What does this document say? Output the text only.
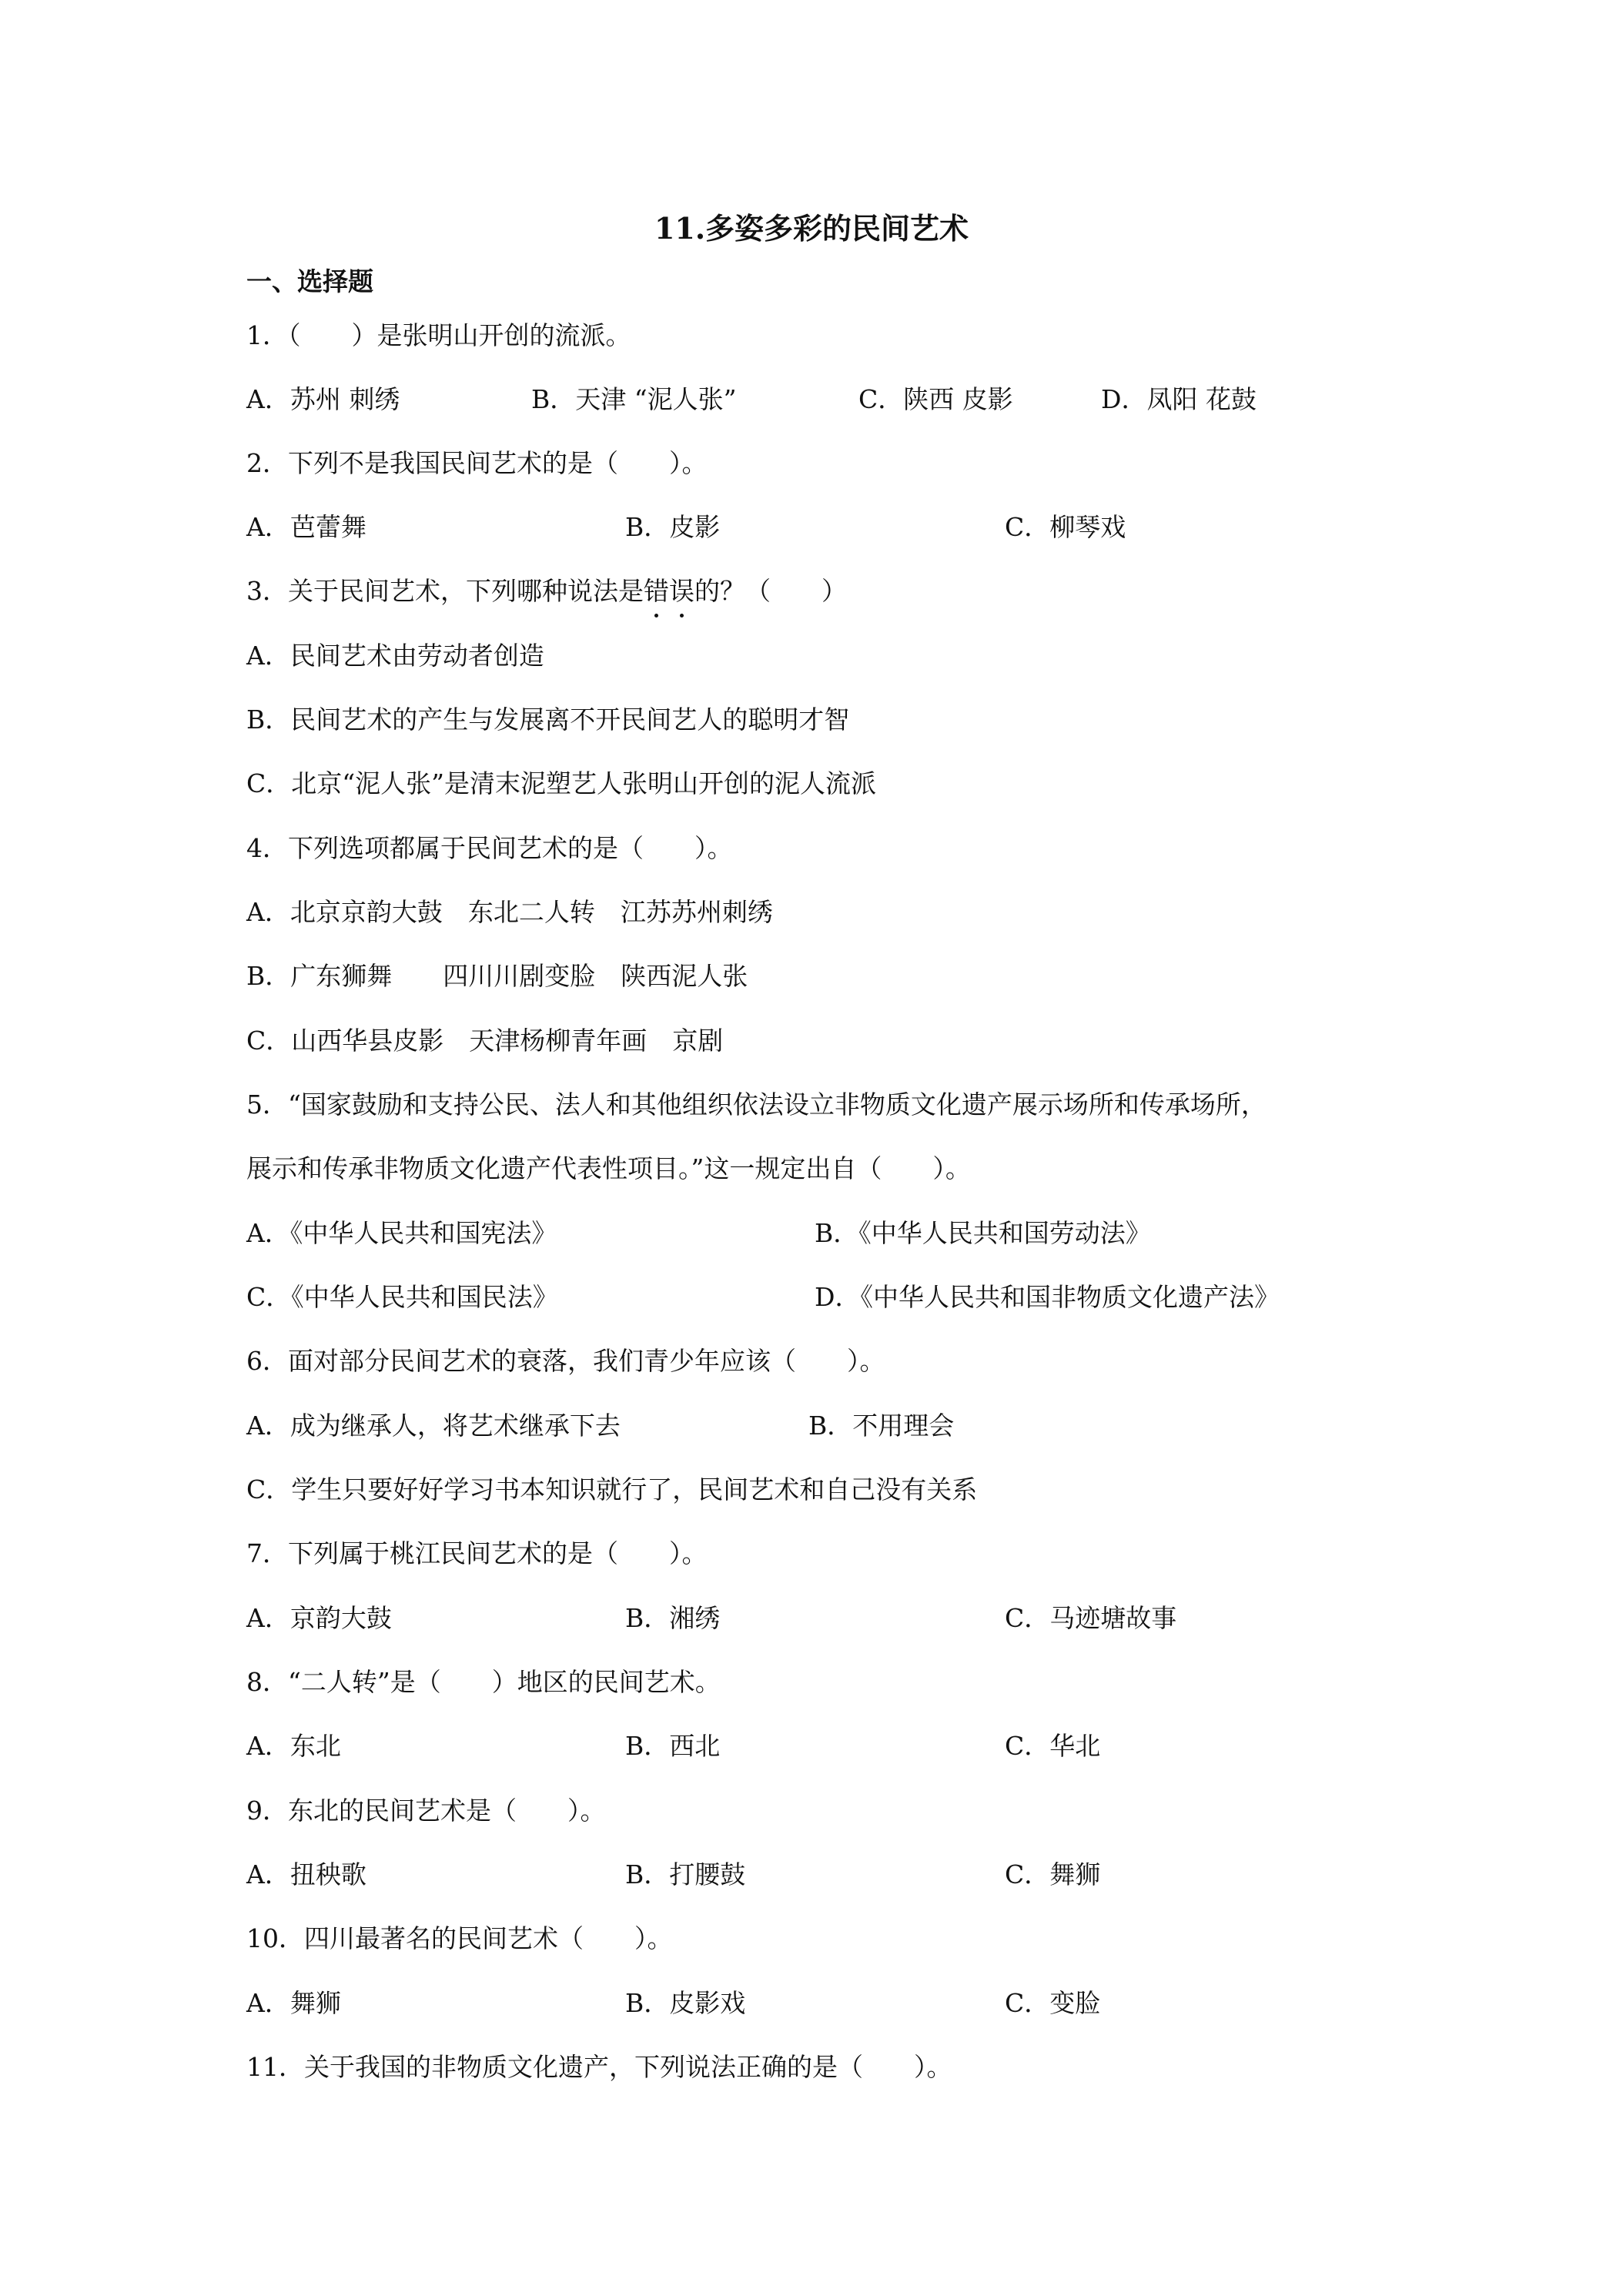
11.多姿多彩的民间艺术
一、选择题
1．（　　）是张明山开创的流派。
A．苏州 刺绣	B．天津 “泥人张”	C．陕西 皮影	D．凤阳 花鼓
2．下列不是我国民间艺术的是（　　）。
A．芭蕾舞	B．皮影	C．柳琴戏
3．关于民间艺术，下列哪种说法是错误
的？（　　）
A．民间艺术由劳动者创造
B．民间艺术的产生与发展离不开民间艺人的聪明才智
C．北京“泥人张”是清末泥塑艺人张明山开创的泥人流派
4．下列选项都属于民间艺术的是（　　）。
A．北京京韵大鼓　东北二人转　江苏苏州刺绣
B．广东狮舞　　四川川剧变脸　陕西泥人张
C．山西华县皮影　天津杨柳青年画　京剧
5．“国家鼓励和支持公民、法人和其他组织依法设立非物质文化遗产展示场所和传承场所，
展示和传承非物质文化遗产代表性项目。”这一规定出自（　　）。
A．《中华人民共和国宪法》	B．《中华人民共和国劳动法》
C．《中华人民共和国民法》	D．《中华人民共和国非物质文化遗产法》
6．面对部分民间艺术的衰落，我们青少年应该（　　）。
A．成为继承人，将艺术继承下去	B．不用理会
C．学生只要好好学习书本知识就行了，民间艺术和自己没有关系
7．下列属于桃江民间艺术的是（　　）。
A．京韵大鼓	B．湘绣	C．马迹塘故事
8．“二人转”是（　　）地区的民间艺术。
A．东北	B．西北	C．华北
9．东北的民间艺术是（　　）。
A．扭秧歌	B．打腰鼓	C．舞狮
10．四川最著名的民间艺术（　　）。
A．舞狮	B．皮影戏	C．变脸
11．关于我国的非物质文化遗产，下列说法正确的是（　　）。
